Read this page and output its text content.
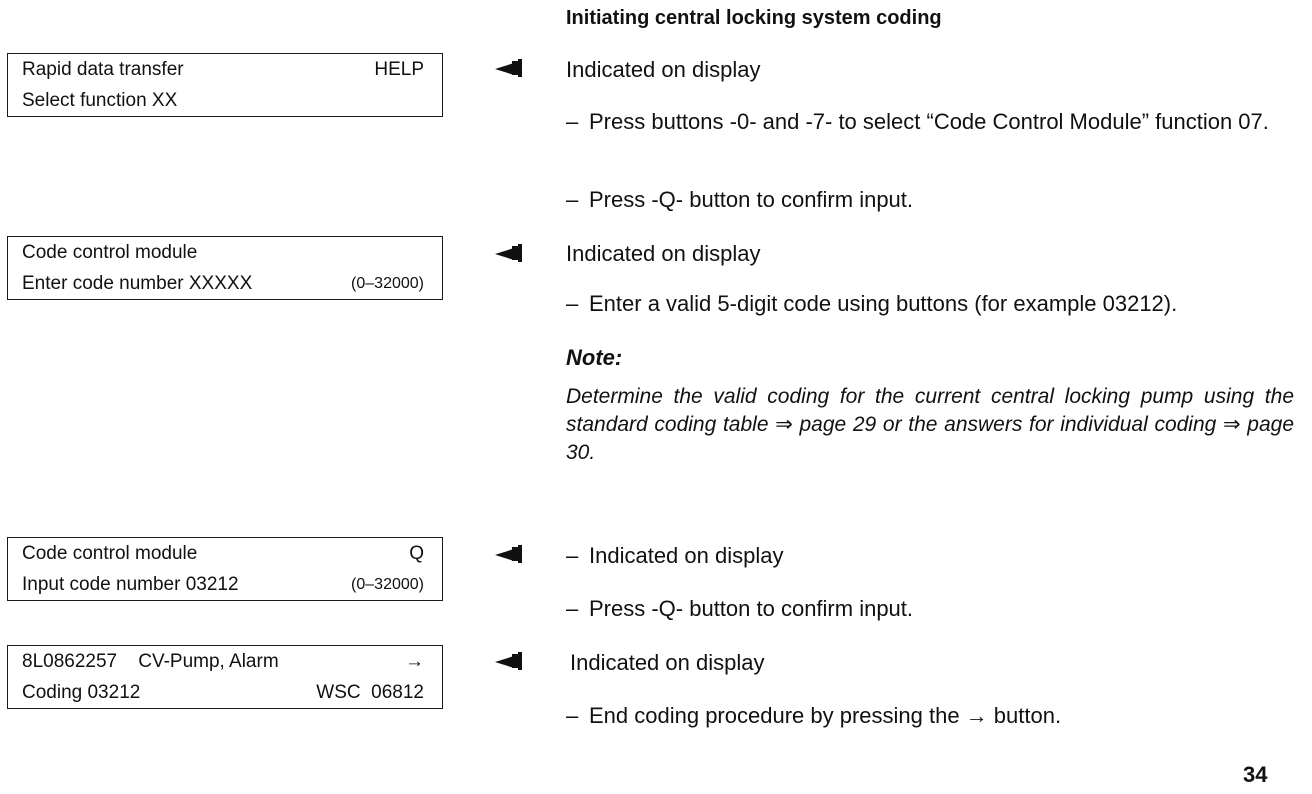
Initiating central locking system coding
Rapid data transfer	HELP
Select function XX
Indicated on display
– Press buttons -0- and -7- to select “Code Control Module” function 07.
– Press -Q- button to confirm input.
Code control module
Enter code number XXXXX	(0–32000)
Indicated on display
– Enter a valid 5-digit code using buttons (for example 03212).
Note:
Determine the valid coding for the current central locking pump using the standard coding table ⇒ page 29 or the answers for individual coding ⇒ page 30.
Code control module	Q
Input code number 03212	(0–32000)
– Indicated on display
– Press -Q- button to confirm input.
8L0862257    CV-Pump, Alarm	→
Coding 03212	WSC  06812
Indicated on display
– End coding procedure by pressing the → button.
34
